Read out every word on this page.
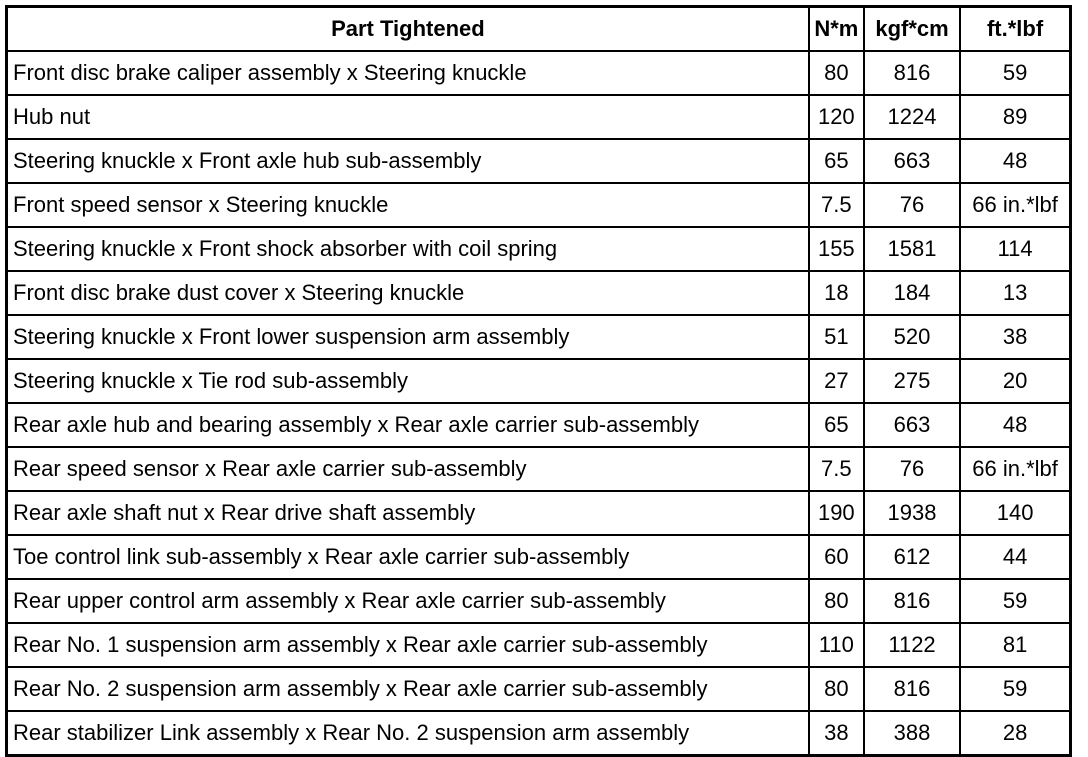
Part Tightened	N*m	kgf*cm	ft.*lbf
Front disc brake caliper assembly x Steering knuckle	80	816	59
Hub nut	120	1224	89
Steering knuckle x Front axle hub sub-assembly	65	663	48
Front speed sensor x Steering knuckle	7.5	76	66 in.*lbf
Steering knuckle x Front shock absorber with coil spring	155	1581	114
Front disc brake dust cover x Steering knuckle	18	184	13
Steering knuckle x Front lower suspension arm assembly	51	520	38
Steering knuckle x Tie rod sub-assembly	27	275	20
Rear axle hub and bearing assembly x Rear axle carrier sub-assembly	65	663	48
Rear speed sensor x Rear axle carrier sub-assembly	7.5	76	66 in.*lbf
Rear axle shaft nut x Rear drive shaft assembly	190	1938	140
Toe control link sub-assembly x Rear axle carrier sub-assembly	60	612	44
Rear upper control arm assembly x Rear axle carrier sub-assembly	80	816	59
Rear No. 1 suspension arm assembly x Rear axle carrier sub-assembly	110	1122	81
Rear No. 2 suspension arm assembly x Rear axle carrier sub-assembly	80	816	59
Rear stabilizer Link assembly x Rear No. 2 suspension arm assembly	38	388	28
